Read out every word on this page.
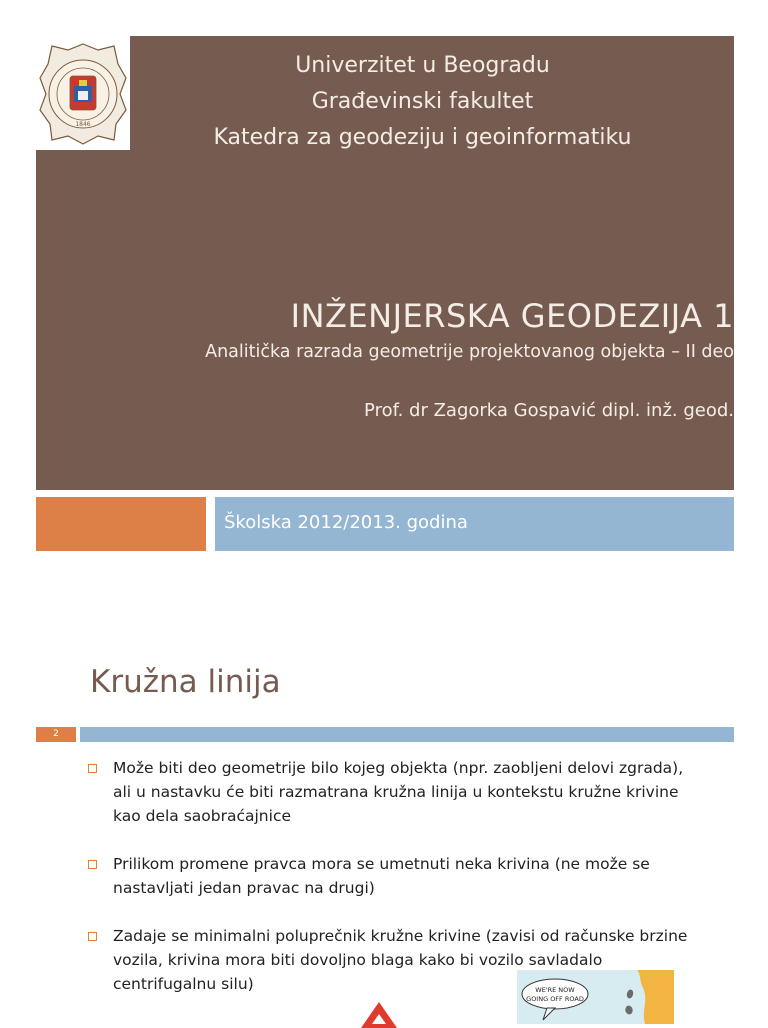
1846
Univerzitet u Beogradu
Građevinski fakultet
Katedra za geodeziju i geoinformatiku
INŽENJERSKA GEODEZIJA 1
Analitička razrada geometrije projektovanog objekta – II deo
Prof. dr Zagorka Gospavić dipl. inž. geod.
Školska 2012/2013. godina
Kružna linija
2
Može biti deo geometrije bilo kojeg objekta (npr. zaobljeni delovi zgrada), ali u nastavku će biti razmatrana kružna linija u kontekstu kružne krivine kao dela saobraćajnice
Prilikom promene pravca mora se umetnuti neka krivina (ne može se nastavljati jedan pravac na drugi)
Zadaje se minimalni poluprečnik kružne krivine (zavisi od računske brzine vozila, krivina mora biti dovoljno blaga kako bi vozilo savladalo centrifugalnu silu)	WE'RE NOW
GOING OFF ROAD
